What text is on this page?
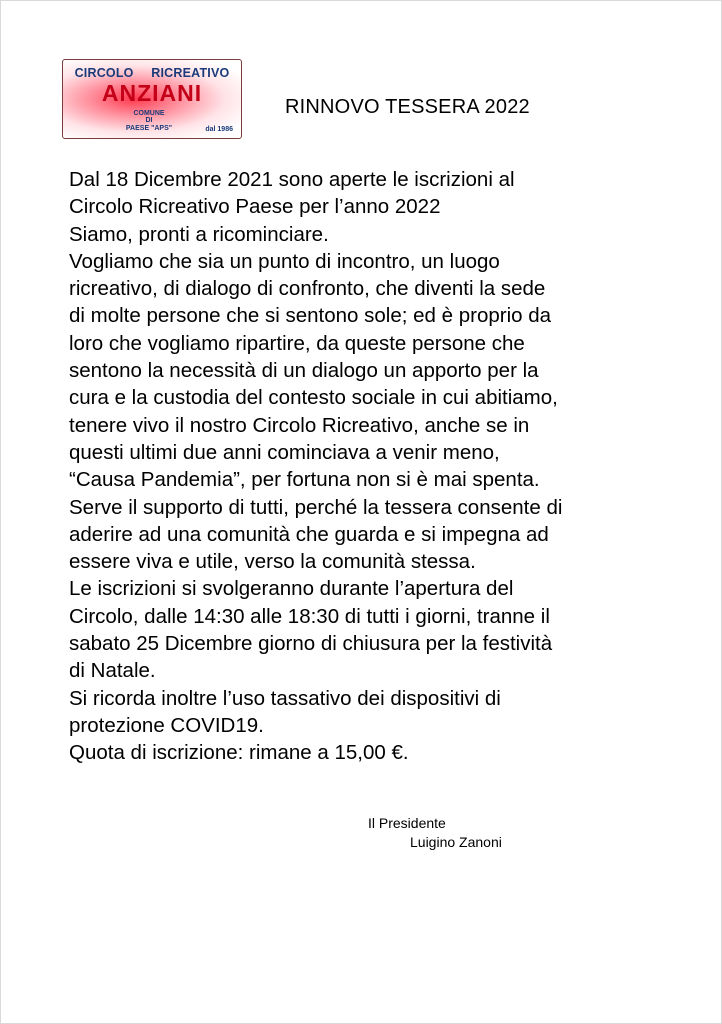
CIRCOLO RICREATIVO
ANZIANI
COMUNE
DI
PAESE "APS"	dal 1986
RINNOVO TESSERA 2022
Dal 18 Dicembre 2021 sono aperte le iscrizioni al
Circolo Ricreativo Paese per l’anno 2022
Siamo, pronti a ricominciare.
Vogliamo che sia un punto di incontro, un luogo
ricreativo, di dialogo di confronto, che diventi la sede
di molte persone che si sentono sole; ed è proprio da
loro che vogliamo ripartire, da queste persone che
sentono la necessità di un dialogo un apporto per la
cura e la custodia del contesto sociale in cui abitiamo,
tenere vivo il nostro Circolo Ricreativo, anche se in
questi ultimi due anni cominciava a venir meno,
“Causa Pandemia”, per fortuna non si è mai spenta.
Serve il supporto di tutti, perché la tessera consente di
aderire ad una comunità che guarda e si impegna ad
essere viva e utile, verso la comunità stessa.
Le iscrizioni si svolgeranno durante l’apertura del
Circolo, dalle 14:30 alle 18:30 di tutti i giorni, tranne il
sabato 25 Dicembre giorno di chiusura per la festività
di Natale.
Si ricorda inoltre l’uso tassativo dei dispositivi di
protezione COVID19.
Quota di iscrizione: rimane a 15,00 €.
Il Presidente
Luigino Zanoni
